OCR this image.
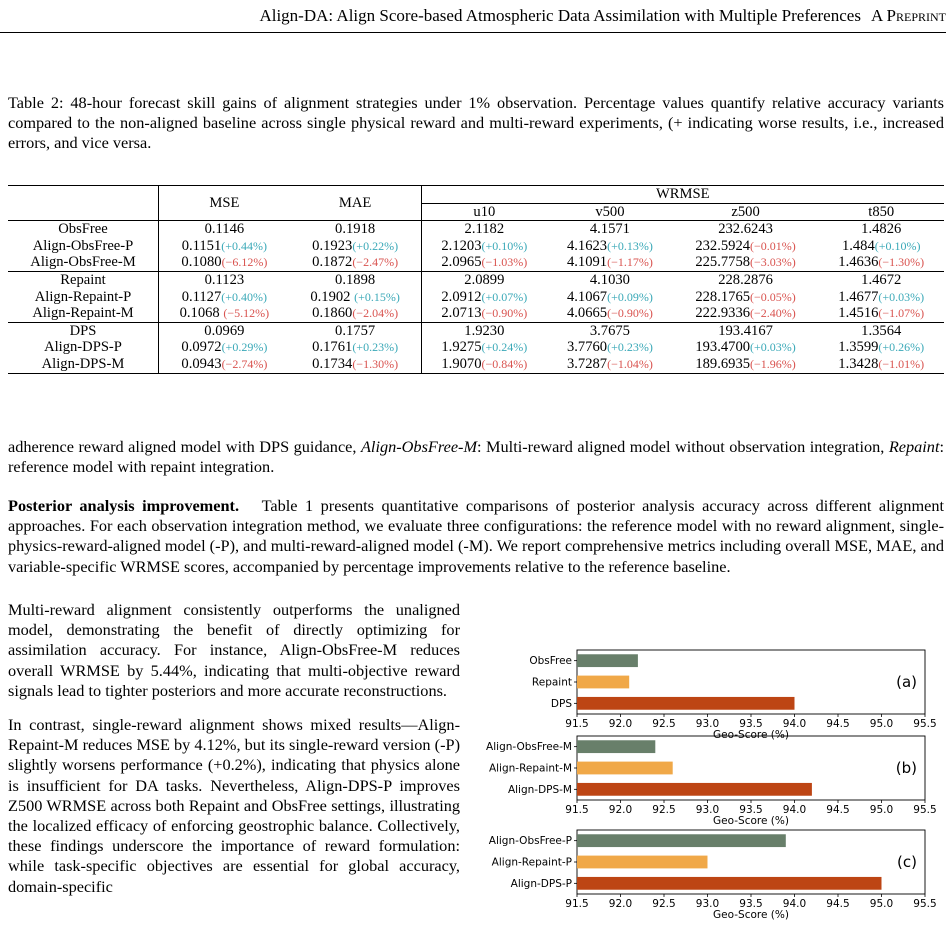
Align-DA: Align Score-based Atmospheric Data Assimilation with Multiple Preferences A Preprint
Table 2: 48-hour forecast skill gains of alignment strategies under 1% observation. Percentage values quantify relative accuracy variants compared to the non-aligned baseline across single physical reward and multi-reward experiments, (+ indicating worse results, i.e., increased errors, and vice versa.
	MSE	MAE	WRMSE			
			u10	v500	z500	t850
ObsFree	0.1146	0.1918	2.1182	4.1571	232.6243	1.4826
Align-ObsFree-P	0.1151(+0.44%)	0.1923(+0.22%)	2.1203(+0.10%)	4.1623(+0.13%)	232.5924(−0.01%)	1.484(+0.10%)
Align-ObsFree-M	0.1080(−6.12%)	0.1872(−2.47%)	2.0965(−1.03%)	4.1091(−1.17%)	225.7758(−3.03%)	1.4636(−1.30%)
Repaint	0.1123	0.1898	2.0899	4.1030	228.2876	1.4672
Align-Repaint-P	0.1127(+0.40%)	0.1902 (+0.15%)	2.0912(+0.07%)	4.1067(+0.09%)	228.1765(−0.05%)	1.4677(+0.03%)
Align-Repaint-M	0.1068 (−5.12%)	0.1860(−2.04%)	2.0713(−0.90%)	4.0665(−0.90%)	222.9336(−2.40%)	1.4516(−1.07%)
DPS	0.0969	0.1757	1.9230	3.7675	193.4167	1.3564
Align-DPS-P	0.0972(+0.29%)	0.1761(+0.23%)	1.9275(+0.24%)	3.7760(+0.23%)	193.4700(+0.03%)	1.3599(+0.26%)
Align-DPS-M	0.0943(−2.74%)	0.1734(−1.30%)	1.9070(−0.84%)	3.7287(−1.04%)	189.6935(−1.96%)	1.3428(−1.01%)
adherence reward aligned model with DPS guidance, Align-ObsFree-M: Multi-reward aligned model without observation integration, Repaint: reference model with repaint integration.
Posterior analysis improvement. Table 1 presents quantitative comparisons of posterior analysis accuracy across different alignment approaches. For each observation integration method, we evaluate three configurations: the reference model with no reward alignment, single-physics-reward-aligned model (-P), and multi-reward-aligned model (-M). We report comprehensive metrics including overall MSE, MAE, and variable-specific WRMSE scores, accompanied by percentage improvements relative to the reference baseline.

Multi-reward alignment consistently outperforms the unaligned model, demonstrating the benefit of directly optimizing for assimilation accuracy. For instance, Align-ObsFree-M reduces overall WRMSE by 5.44%, indicating that multi-objective reward signals lead to tighter posteriors and more accurate reconstructions.

In contrast, single-reward alignment shows mixed results—Align-Repaint-M reduces MSE by 4.12%, but its single-reward version (-P) slightly worsens performance (+0.2%), indicating that physics alone is insufficient for DA tasks. Nevertheless, Align-DPS-P improves Z500 WRMSE across both Repaint and ObsFree settings, illustrating the localized efficacy of enforcing geostrophic balance. Collectively, these findings underscore the importance of reward formulation: while task-specific objectives are essential for global accuracy, domain-specific

ObsFree
Repaint
DPS
91.5 92.0 92.5 93.0 93.5 94.0 94.5 95.0 95.5
Geo-Score (%)
(a)
Align-ObsFree-M
Align-Repaint-M
Align-DPS-M
91.5 92.0 92.5 93.0 93.5 94.0 94.5 95.0 95.5
Geo-Score (%)
(b)
Align-ObsFree-P
Align-Repaint-P
Align-DPS-P
91.5 92.0 92.5 93.0 93.5 94.0 94.5 95.0 95.5
Geo-Score (%)
(c)
